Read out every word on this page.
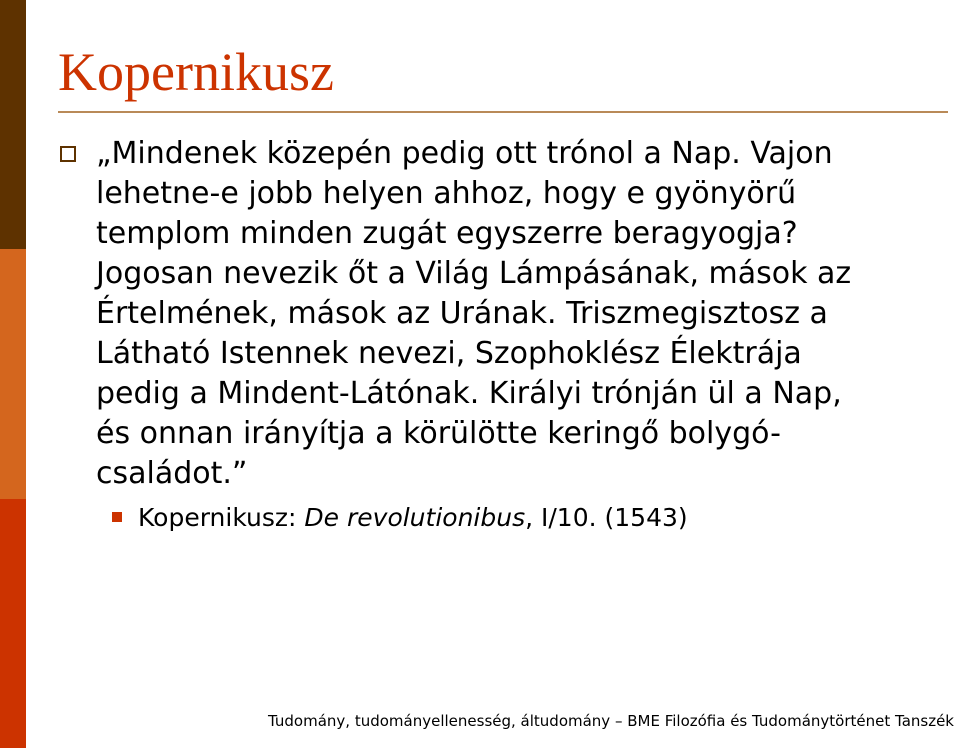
Kopernikusz

„Mindenek közepén pedig ott trónol a Nap. Vajon
lehetne-e jobb helyen ahhoz, hogy e gyönyörű
templom minden zugát egyszerre beragyogja?
Jogosan nevezik őt a Világ Lámpásának, mások az
Értelmének, mások az Urának. Triszmegisztosz a
Látható Istennek nevezi, Szophoklész Élektrája
pedig a Mindent-Látónak. Királyi trónján ül a Nap,
és onnan irányítja a körülötte keringő bolygó-
családot.”

Kopernikusz: De revolutionibus, I/10. (1543)

Tudomány, tudományellenesség, áltudomány – BME Filozófia és Tudománytörténet Tanszék
